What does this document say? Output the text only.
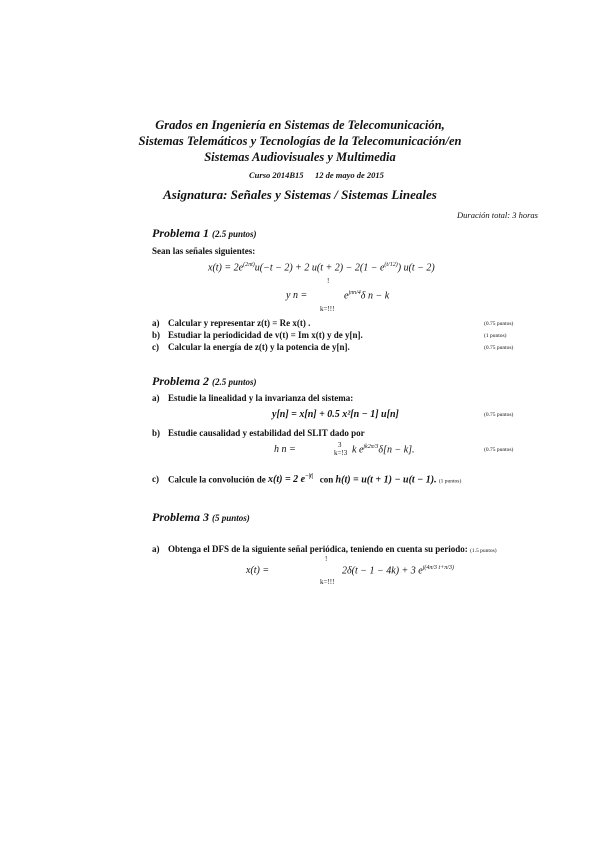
Grados en Ingeniería en Sistemas de Telecomunicación,
Sistemas Telemáticos y Tecnologías de la Telecomunicación/en
Sistemas Audiovisuales y Multimedia
Curso 2014B15 12 de mayo de 2015
Asignatura: Señales y Sistemas / Sistemas Lineales
Duración total: 3 horas
Problema 1 (2.5 puntos)
Sean las señales siguientes:
$x(t) = 2e^{(2\pi t)}u(-t - 2) + 2$ $u(t + 2) - 2(1 - e^{(t/12)})$ u(t − 2)
!
y n =	$e^{j\pi n/4}\delta$ n − k
k=!!!
a) Calcular y representar z(t) = Re x(t) .	(0.75 puntos)
b) Estudiar la periodicidad de v(t) = Im x(t) y de y[n].	(1 puntos)
c) Calcular la energía de z(t) y la potencia de y[n].	(0.75 puntos)
Problema 2 (2.5 puntos)
a) Estudie la linealidad y la invarianza del sistema:
y[n] = x[n] + 0.5 x²[n − 1] u[n]	(0.75 puntos)
b) Estudie causalidad y estabilidad del SLIT dado por
h n =	3
k=!3 k $e^{jk2\pi/3}\delta[n - k]$.	(0.75 puntos)
c) Calcule la convolución de x(t) = 2 $e^{-|t|}$ con h(t) = u(t + 1) − u(t − 1). (1 puntos)
Problema 3 (5 puntos)
a) Obtenga el DFS de la siguiente señal periódica, teniendo en cuenta su periodo: (1.5 puntos)
!
x(t) =	2δ(t − 1 − 4k) + 3 $e^{j(4\pi/3 t+\pi/3)}$
k=!!!
